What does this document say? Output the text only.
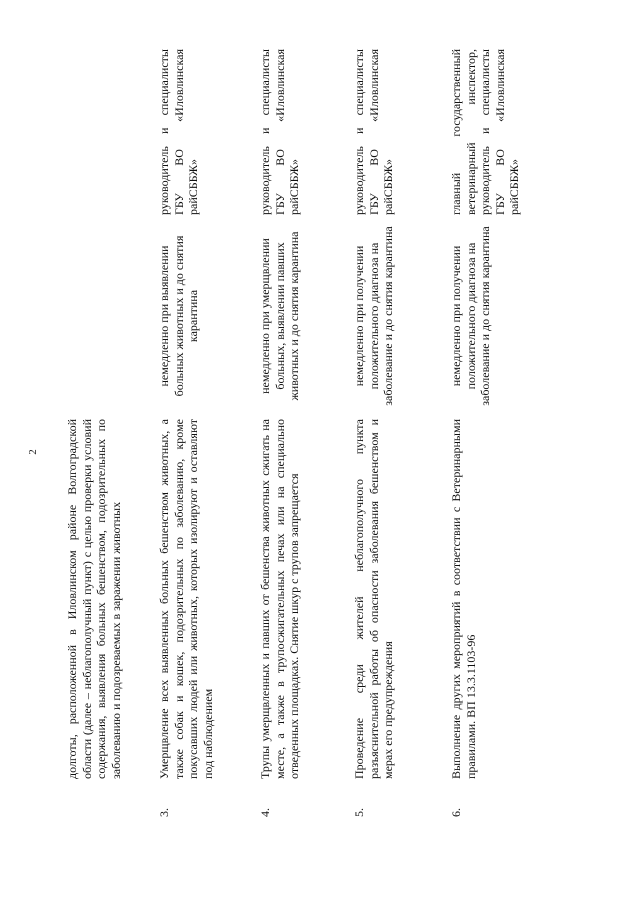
2
	долготы, расположенной в Иловлинском районе Волгоградской области (далее – неблагополучный пункт) с целью проверки условий содержания, выявления больных бешенством, подозрительных по заболеванию и подозреваемых в заражении животных		
3.	Умерщвление всех выявленных больных бешенством животных, а также собак и кошек, подозрительных по заболеванию, кроме покусавших людей или животных, которых изолируют и оставляют под наблюдением	немедленно при выявлении больных животных и до снятия карантина	руководитель и специалисты ГБУ ВО «Иловлинская райСББЖ»
4.	Трупы умерщвленных и павших от бешенства животных сжигать на месте, а также в трупосжигательных печах или на специально отведенных площадках. Снятие шкур с трупов запрещается	немедленно при умерщвлении больных, выявлении павших животных и до снятия карантина	руководитель и специалисты ГБУ ВО «Иловлинская райСББЖ»
5.	Проведение среди жителей неблагополучного пункта разъяснительной работы об опасности заболевания бешенством и мерах его предупреждения	немедленно при получении положительного диагноза на заболевание и до снятия карантина	руководитель и специалисты ГБУ ВО «Иловлинская райСББЖ»
6.	Выполнение других мероприятий в соответствии с Ветеринарными правилами. ВП 13.3.1103-96	немедленно при получении положительного диагноза на заболевание и до снятия карантина	главный государственный ветеринарный инспектор, руководитель и специалисты ГБУ ВО «Иловлинская райСББЖ»
